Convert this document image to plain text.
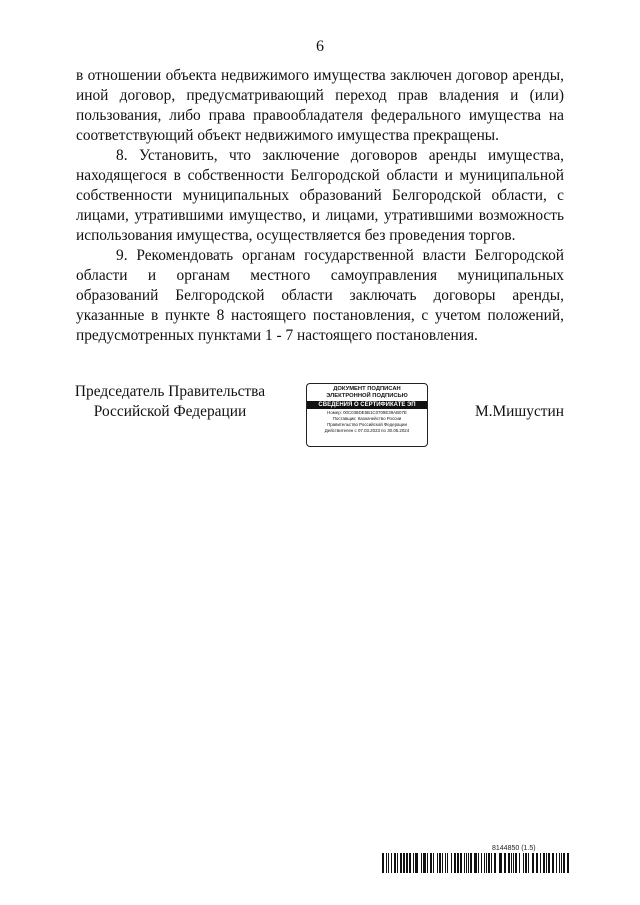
6

в отношении объекта недвижимого имущества заключен договор аренды, иной договор, предусматривающий переход прав владения и (или) пользования, либо права правообладателя федерального имущества на соответствующий объект недвижимого имущества прекращены.

8. Установить, что заключение договоров аренды имущества, находящегося в собственности Белгородской области и муниципальной собственности муниципальных образований Белгородской области, с лицами, утратившими имущество, и лицами, утратившими возможность использования имущества, осуществляется без проведения торгов.

9. Рекомендовать органам государственной власти Белгородской области и органам местного самоуправления муниципальных образований Белгородской области заключать договоры аренды, указанные в пункте 8 настоящего постановления, с учетом положений, предусмотренных пунктами 1 - 7 настоящего постановления.

Председатель Правительства
Российской Федерации
ДОКУМЕНТ ПОДПИСАН
ЭЛЕКТРОННОЙ ПОДПИСЬЮ
СВЕДЕНИЯ О СЕРТИФИКАТЕ ЭП
Номер: 00C038DE5B1C0709E39AB07E
Поставщик: Казначейство России
Правительство Российской Федерации
Действителен с 07.03.2023 по 30.05.2024
М.Мишустин
8144850 (1.5)
